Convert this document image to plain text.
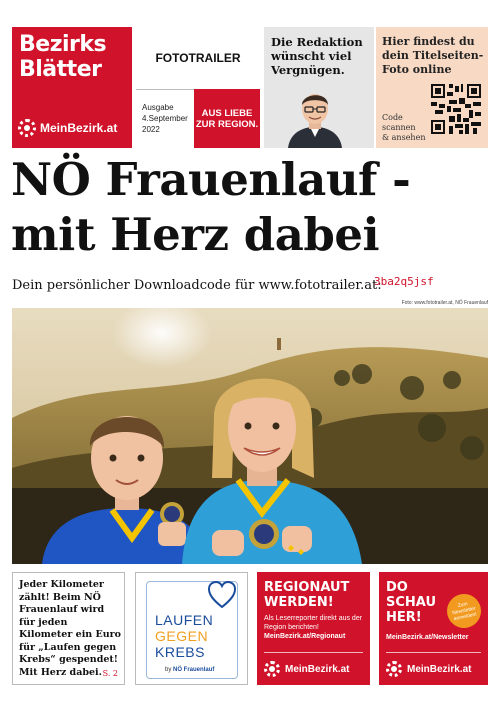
Bezirks
Blätter
MeinBezirk.at
FOTOTRAILER
Ausgabe
4.September 2022
AUS LIEBE ZUR REGION.
Die Redaktion wünscht viel Vergnügen.
Hier findest du dein Titelseiten-Foto online
Code
scannen
& ansehen
NÖ Frauenlauf - mit Herz dabei
Dein persönlicher Downloadcode für www.fototrailer.at:
3ba2q5jsf
Foto: www.fototrailer.at, NÖ Frauenlauf
Jeder Kilometer zählt! Beim NÖ Frauenlauf wird für jeden Kilometer ein Euro für „Laufen gegen Krebs“ gespendet! Mit Herz dabei. S. 2
LAUFEN
GEGEN
KREBS
by NÖ Frauenlauf
REGIONAUT
WERDEN!
Als Leserreporter direkt aus der Region berichten!
MeinBezirk.at/Regionaut
MeinBezirk.at
DO
SCHAU
HER!
Zum Newsletter anmelden!
MeinBezirk.at/Newsletter
MeinBezirk.at
